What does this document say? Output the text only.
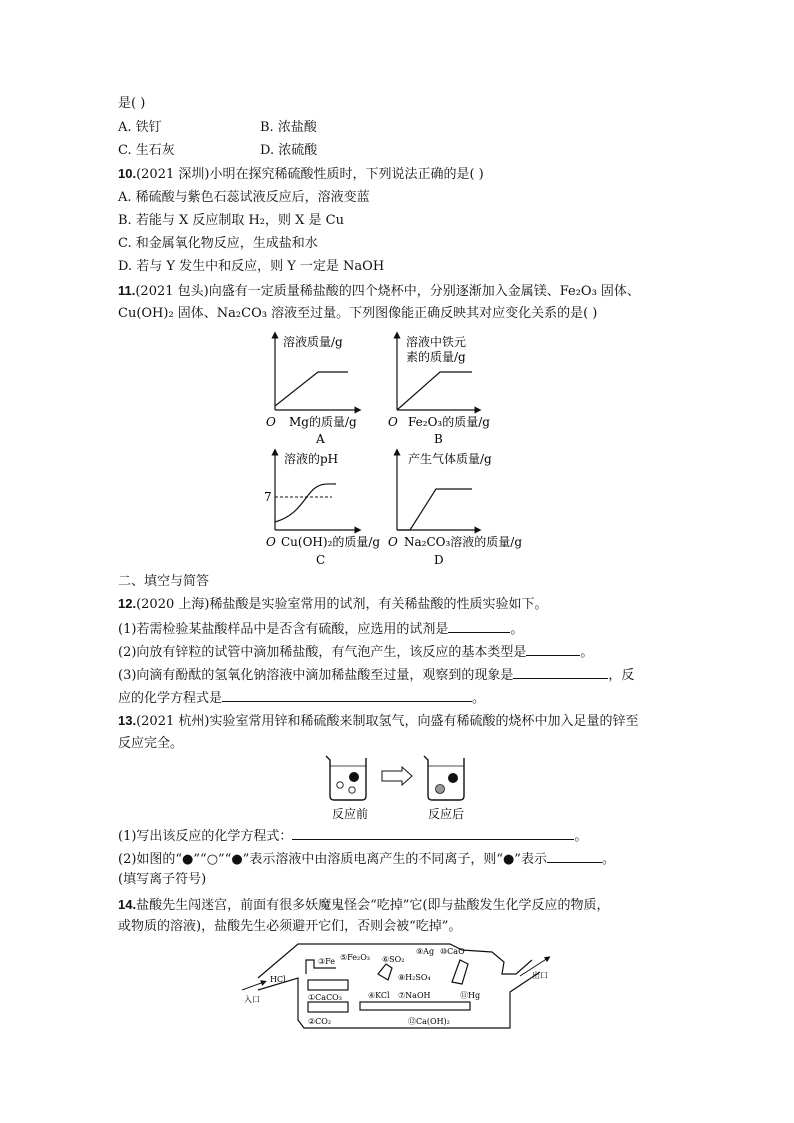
是( )
A. 铁钉	B. 浓盐酸
C. 生石灰	D. 浓硫酸
10.(2021 深圳)小明在探究稀硫酸性质时，下列说法正确的是( )
A. 稀硫酸与紫色石蕊试液反应后，溶液变蓝
B. 若能与 X 反应制取 H₂，则 X 是 Cu
C. 和金属氧化物反应，生成盐和水
D. 若与 Y 发生中和反应，则 Y 一定是 NaOH
11.(2021 包头)向盛有一定质量稀盐酸的四个烧杯中，分别逐渐加入金属镁、Fe₂O₃ 固体、
Cu(OH)₂ 固体、Na₂CO₃ 溶液至过量。下列图像能正确反映其对应变化关系的是( )
溶液质量/g
O Mg的质量/g
A
溶液中铁元
素的质量/g
O Fe₂O₃的质量/g
B
溶液的pH
7
O Cu(OH)₂的质量/g
C
产生气体质量/g
O Na₂CO₃溶液的质量/g
D
二、填空与简答
12.(2020 上海)稀盐酸是实验室常用的试剂，有关稀盐酸的性质实验如下。
(1)若需检验某盐酸样品中是否含有硫酸，应选用的试剂是	。
(2)向放有锌粒的试管中滴加稀盐酸，有气泡产生，该反应的基本类型是	。
(3)向滴有酚酞的氢氧化钠溶液中滴加稀盐酸至过量，观察到的现象是	，反
应的化学方程式是	。
13.(2021 杭州)实验室常用锌和稀硫酸来制取氢气，向盛有稀硫酸的烧杯中加入足量的锌至
反应完全。
反应前	反应后
(1)写出该反应的化学方程式：	。
(2)如图的“●”“○”“●”表示溶液中由溶质电离产生的不同离子，则“●”表示	。
(填写离子符号)
14.盐酸先生闯迷宫，前面有很多妖魔鬼怪会“吃掉”它(即与盐酸发生化学反应的物质，
或物质的溶液)，盐酸先生必须避开它们，否则会被“吃掉”。
入口
出口
HCl
③Fe ⑤Fe₂O₃ ⑥SO₂
⑧H₂SO₄
⑨Ag ⑩CaO
①CaCO₃	④KCl ⑦NaOH	⑪Hg
②CO₂	⑫Ca(OH)₂
